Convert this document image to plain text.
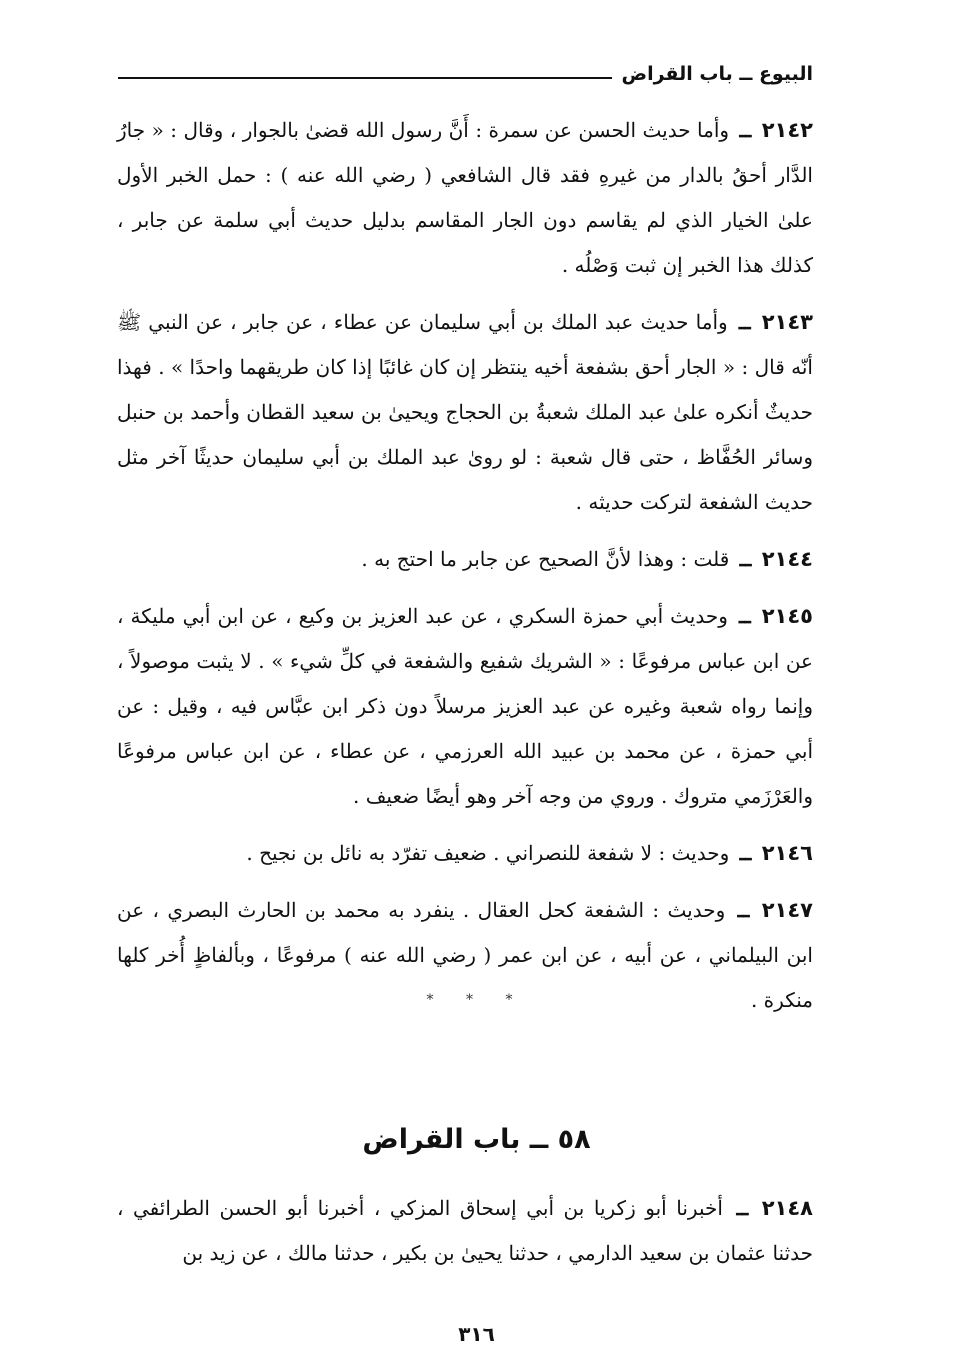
البيوع ــ باب القراض

٢١٤٢ ــ وأما حديث الحسن عن سمرة : أَنَّ رسول الله قضىٰ بالجوار ، وقال : « جارُ الدَّار أحقُ بالدار من غيرهِ فقد قال الشافعي ( رضي الله عنه ) : حمل الخبر الأول علىٰ الخيار الذي لم يقاسم دون الجار المقاسم بدليل حديث أبي سلمة عن جابر ، كذلك هذا الخبر إن ثبت وَصْلُه .

٢١٤٣ ــ وأما حديث عبد الملك بن أبي سليمان عن عطاء ، عن جابر ، عن النبي ﷺ أنّه قال : « الجار أحق بشفعة أخيه ينتظر إن كان غائبًا إذا كان طريقهما واحدًا » . فهذا حديثٌ أنكره علىٰ عبد الملك شعبةُ بن الحجاج ويحيىٰ بن سعيد القطان وأحمد بن حنبل وسائر الحُفَّاظ ، حتى قال شعبة : لو روىٰ عبد الملك بن أبي سليمان حديثًا آخر مثل حديث الشفعة لتركت حديثه .

٢١٤٤ ــ قلت : وهذا لأنَّ الصحيح عن جابر ما احتج به .

٢١٤٥ ــ وحديث أبي حمزة السكري ، عن عبد العزيز بن وكيع ، عن ابن أبي مليكة ، عن ابن عباس مرفوعًا : « الشريك شفيع والشفعة في كلِّ شيء » . لا يثبت موصولاً ، وإنما رواه شعبة وغيره عن عبد العزيز مرسلاً دون ذكر ابن عبَّاس فيه ، وقيل : عن أبي حمزة ، عن محمد بن عبيد الله العرزمي ، عن عطاء ، عن ابن عباس مرفوعًا والعَرْزَمي متروك . وروي من وجه آخر وهو أيضًا ضعيف .

٢١٤٦ ــ وحديث : لا شفعة للنصراني . ضعيف تفرّد به نائل بن نجيح .

٢١٤٧ ــ وحديث : الشفعة كحل العقال . ينفرد به محمد بن الحارث البصري ، عن ابن البيلماني ، عن أبيه ، عن ابن عمر ( رضي الله عنه ) مرفوعًا ، وبألفاظٍ أُخر كلها منكرة .

* * *
٥٨ ــ باب القراض

٢١٤٨ ــ أخبرنا أبو زكريا بن أبي إسحاق المزكي ، أخبرنا أبو الحسن الطرائفي ، حدثنا عثمان بن سعيد الدارمي ، حدثنا يحيىٰ بن بكير ، حدثنا مالك ، عن زيد بن

٣١٦
